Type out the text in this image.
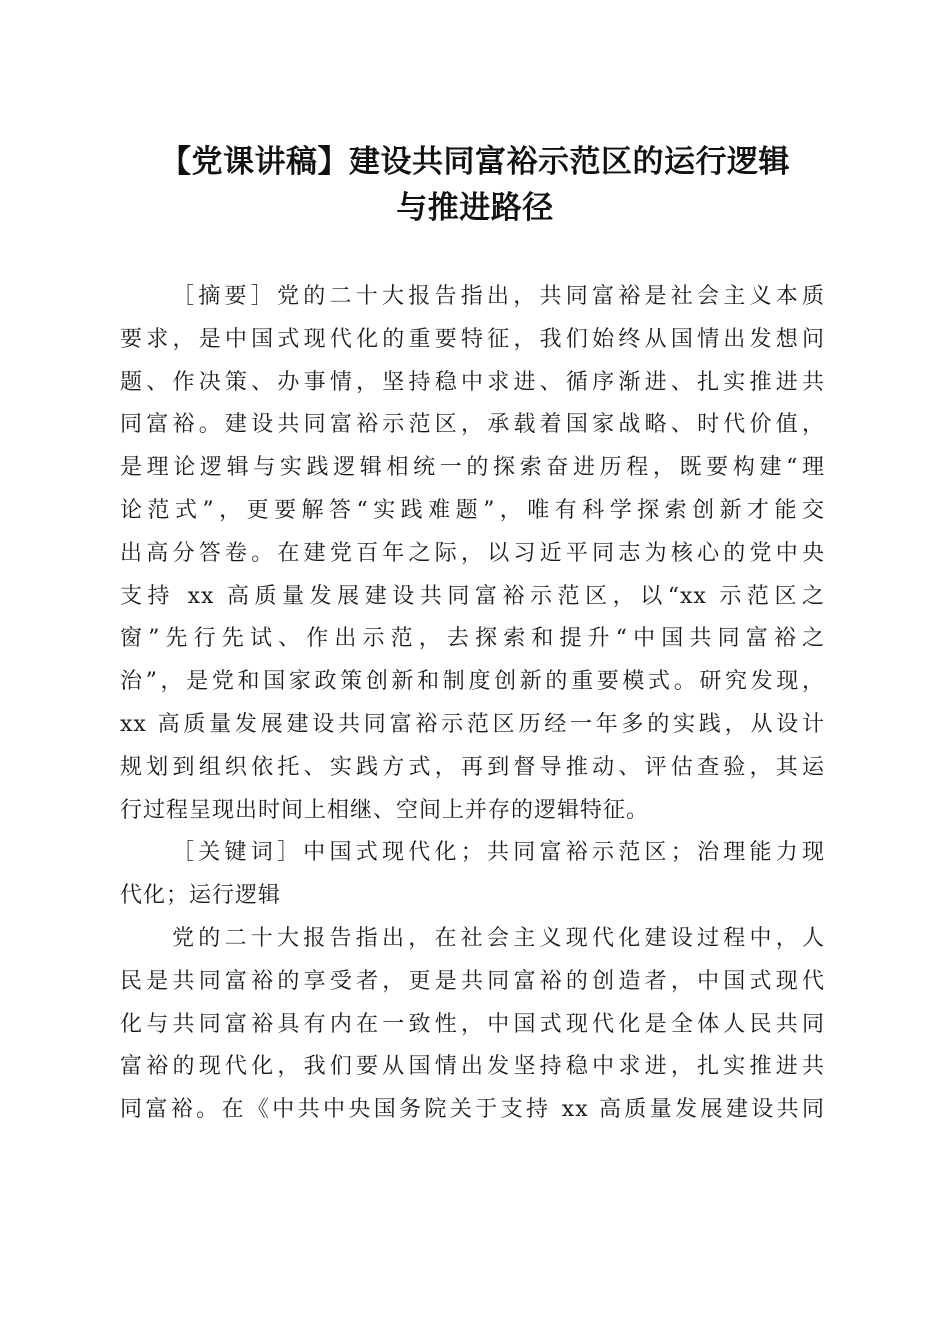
【党课讲稿】建设共同富裕示范区的运行逻辑
与推进路径
［摘要］党的二十大报告指出，共同富裕是社会主义本质
要求，是中国式现代化的重要特征，我们始终从国情出发想问
题、作决策、办事情，坚持稳中求进、循序渐进、扎实推进共
同富裕。建设共同富裕示范区，承载着国家战略、时代价值，
是理论逻辑与实践逻辑相统一的探索奋进历程，既要构建“理
论范式”，更要解答“实践难题”，唯有科学探索创新才能交
出高分答卷。在建党百年之际，以习近平同志为核心的党中央
支持 xx 高质量发展建设共同富裕示范区，以“xx 示范区之
窗”先行先试、作出示范，去探索和提升“中国共同富裕之
治”，是党和国家政策创新和制度创新的重要模式。研究发现，
xx 高质量发展建设共同富裕示范区历经一年多的实践，从设计
规划到组织依托、实践方式，再到督导推动、评估查验，其运
行过程呈现出时间上相继、空间上并存的逻辑特征。
［关键词］中国式现代化；共同富裕示范区；治理能力现
代化；运行逻辑
党的二十大报告指出，在社会主义现代化建设过程中，人
民是共同富裕的享受者，更是共同富裕的创造者，中国式现代
化与共同富裕具有内在一致性，中国式现代化是全体人民共同
富裕的现代化，我们要从国情出发坚持稳中求进，扎实推进共
同富裕。在《中共中央国务院关于支持 xx 高质量发展建设共同
